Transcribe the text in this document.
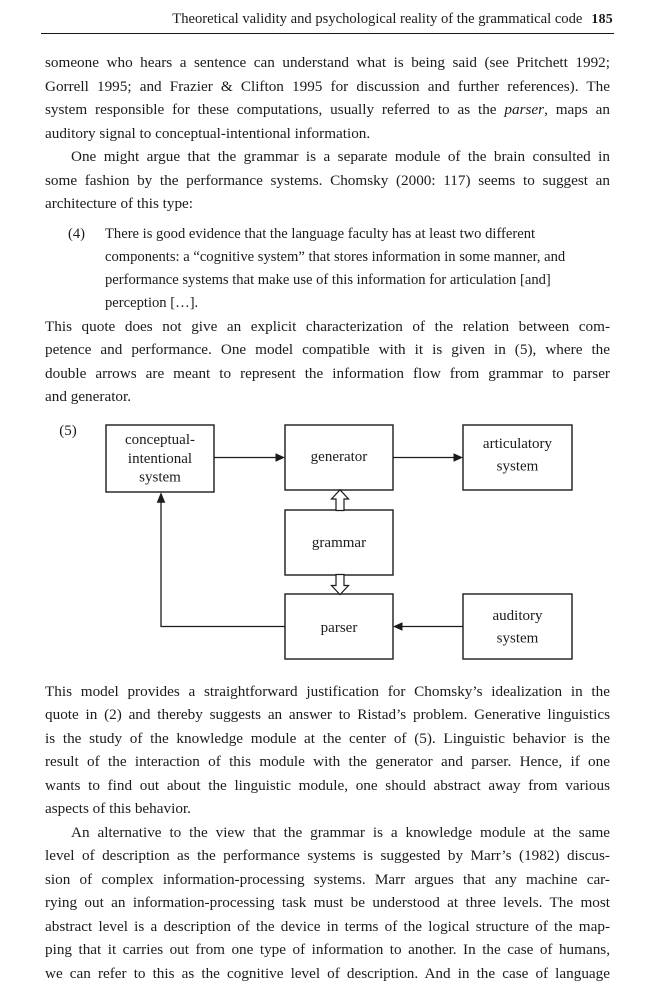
Theoretical validity and psychological reality of the grammatical code 185
someone who hears a sentence can understand what is being said (see Pritchett 1992;
Gorrell 1995; and Frazier & Clifton 1995 for discussion and further references). The
system responsible for these computations, usually referred to as the parser, maps an
auditory signal to conceptual-intentional information.
One might argue that the grammar is a separate module of the brain consulted in
some fashion by the performance systems. Chomsky (2000: 117) seems to suggest an
architecture of this type:
(4) There is good evidence that the language faculty has at least two different
components: a “cognitive system” that stores information in some manner, and
performance systems that make use of this information for articulation [and]
perception […].
This quote does not give an explicit characterization of the relation between com-
petence and performance. One model compatible with it is given in (5), where the
double arrows are meant to represent the information flow from grammar to parser
and generator.
(5)
conceptual-
intentional
system
generator
articulatory
system
grammar
parser
auditory
system
This model provides a straightforward justification for Chomsky’s idealization in the
quote in (2) and thereby suggests an answer to Ristad’s problem. Generative linguistics
is the study of the knowledge module at the center of (5). Linguistic behavior is the
result of the interaction of this module with the generator and parser. Hence, if one
wants to find out about the linguistic module, one should abstract away from various
aspects of this behavior.
An alternative to the view that the grammar is a knowledge module at the same
level of description as the performance systems is suggested by Marr’s (1982) discus-
sion of complex information-processing systems. Marr argues that any machine car-
rying out an information-processing task must be understood at three levels. The most
abstract level is a description of the device in terms of the logical structure of the map-
ping that it carries out from one type of information to another. In the case of humans,
we can refer to this as the cognitive level of description. And in the case of language
